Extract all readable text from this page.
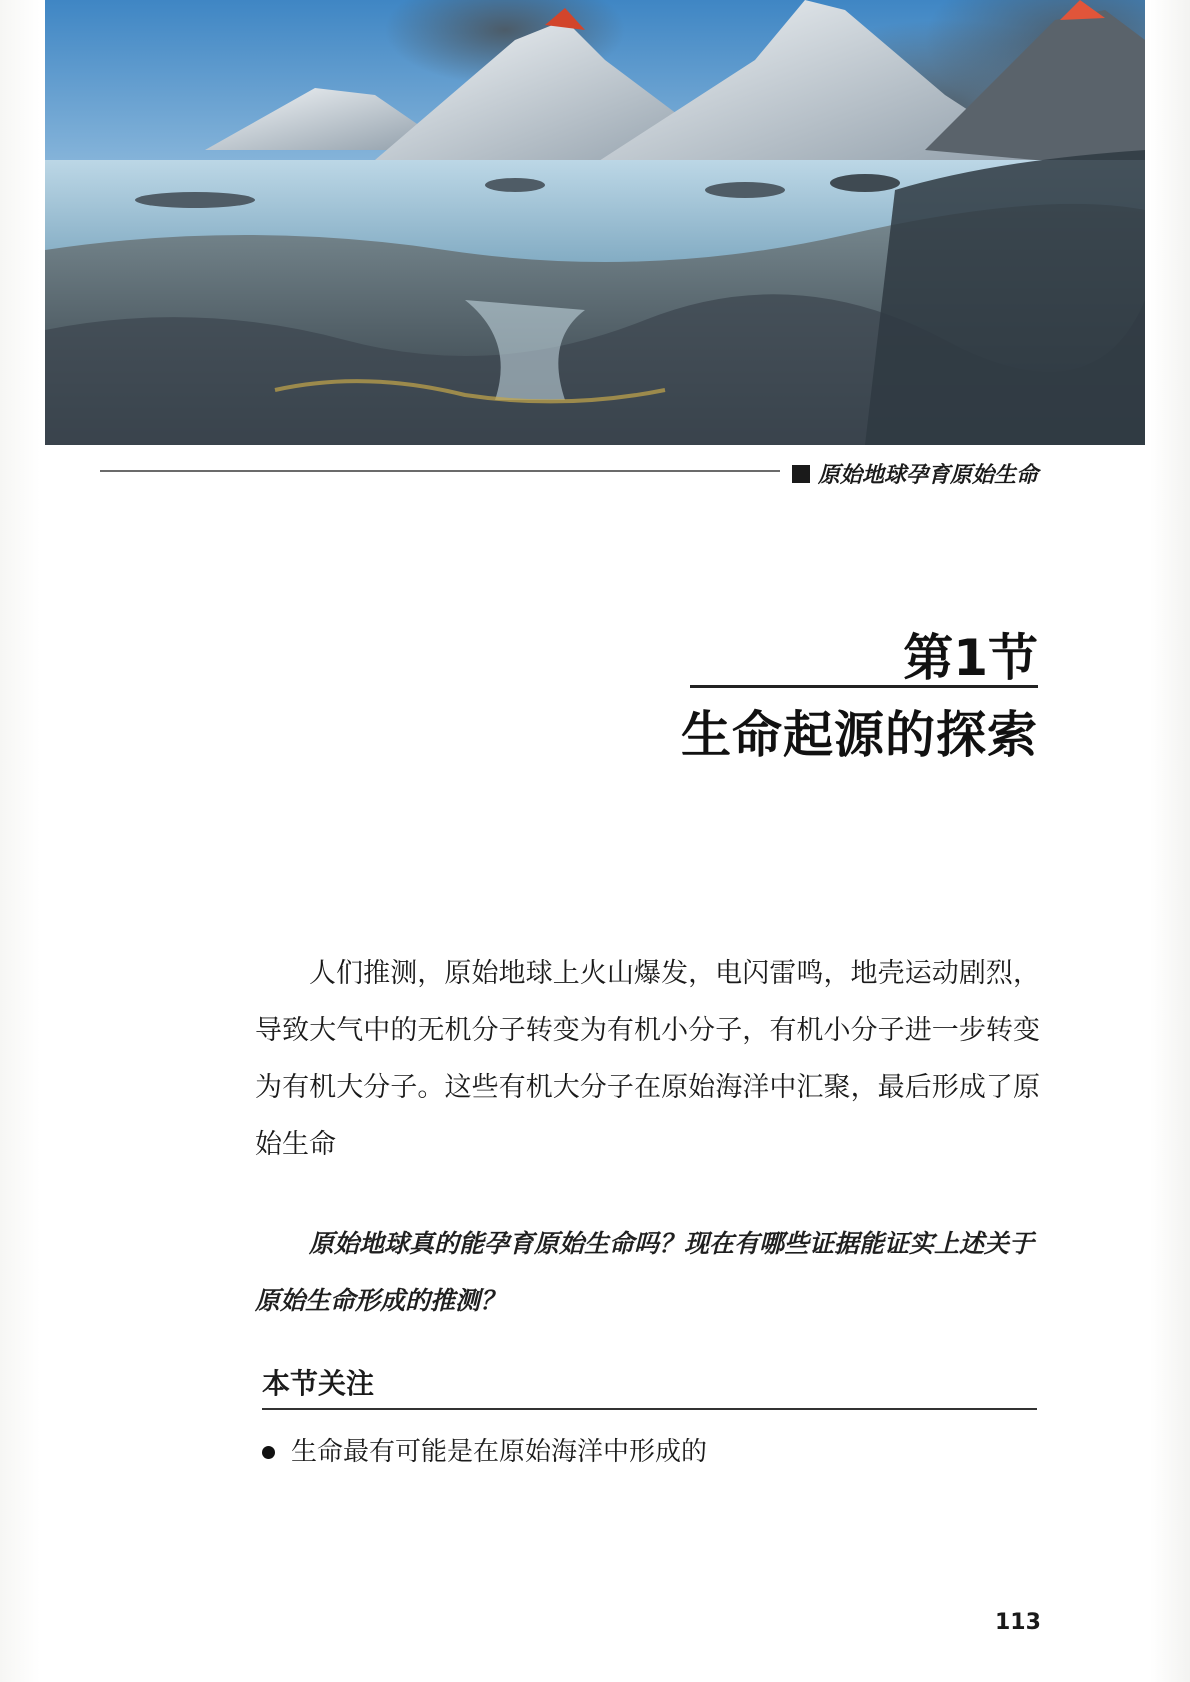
原始地球孕育原始生命
第1节
生命起源的探索

人们推测，原始地球上火山爆发，电闪雷鸣，地壳运动剧烈，导致大气中的无机分子转变为有机小分子，有机小分子进一步转变为有机大分子。这些有机大分子在原始海洋中汇聚，最后形成了原始生命

原始地球真的能孕育原始生命吗？现在有哪些证据能证实上述关于原始生命形成的推测？

本节关注
生命最有可能是在原始海洋中形成的
113
